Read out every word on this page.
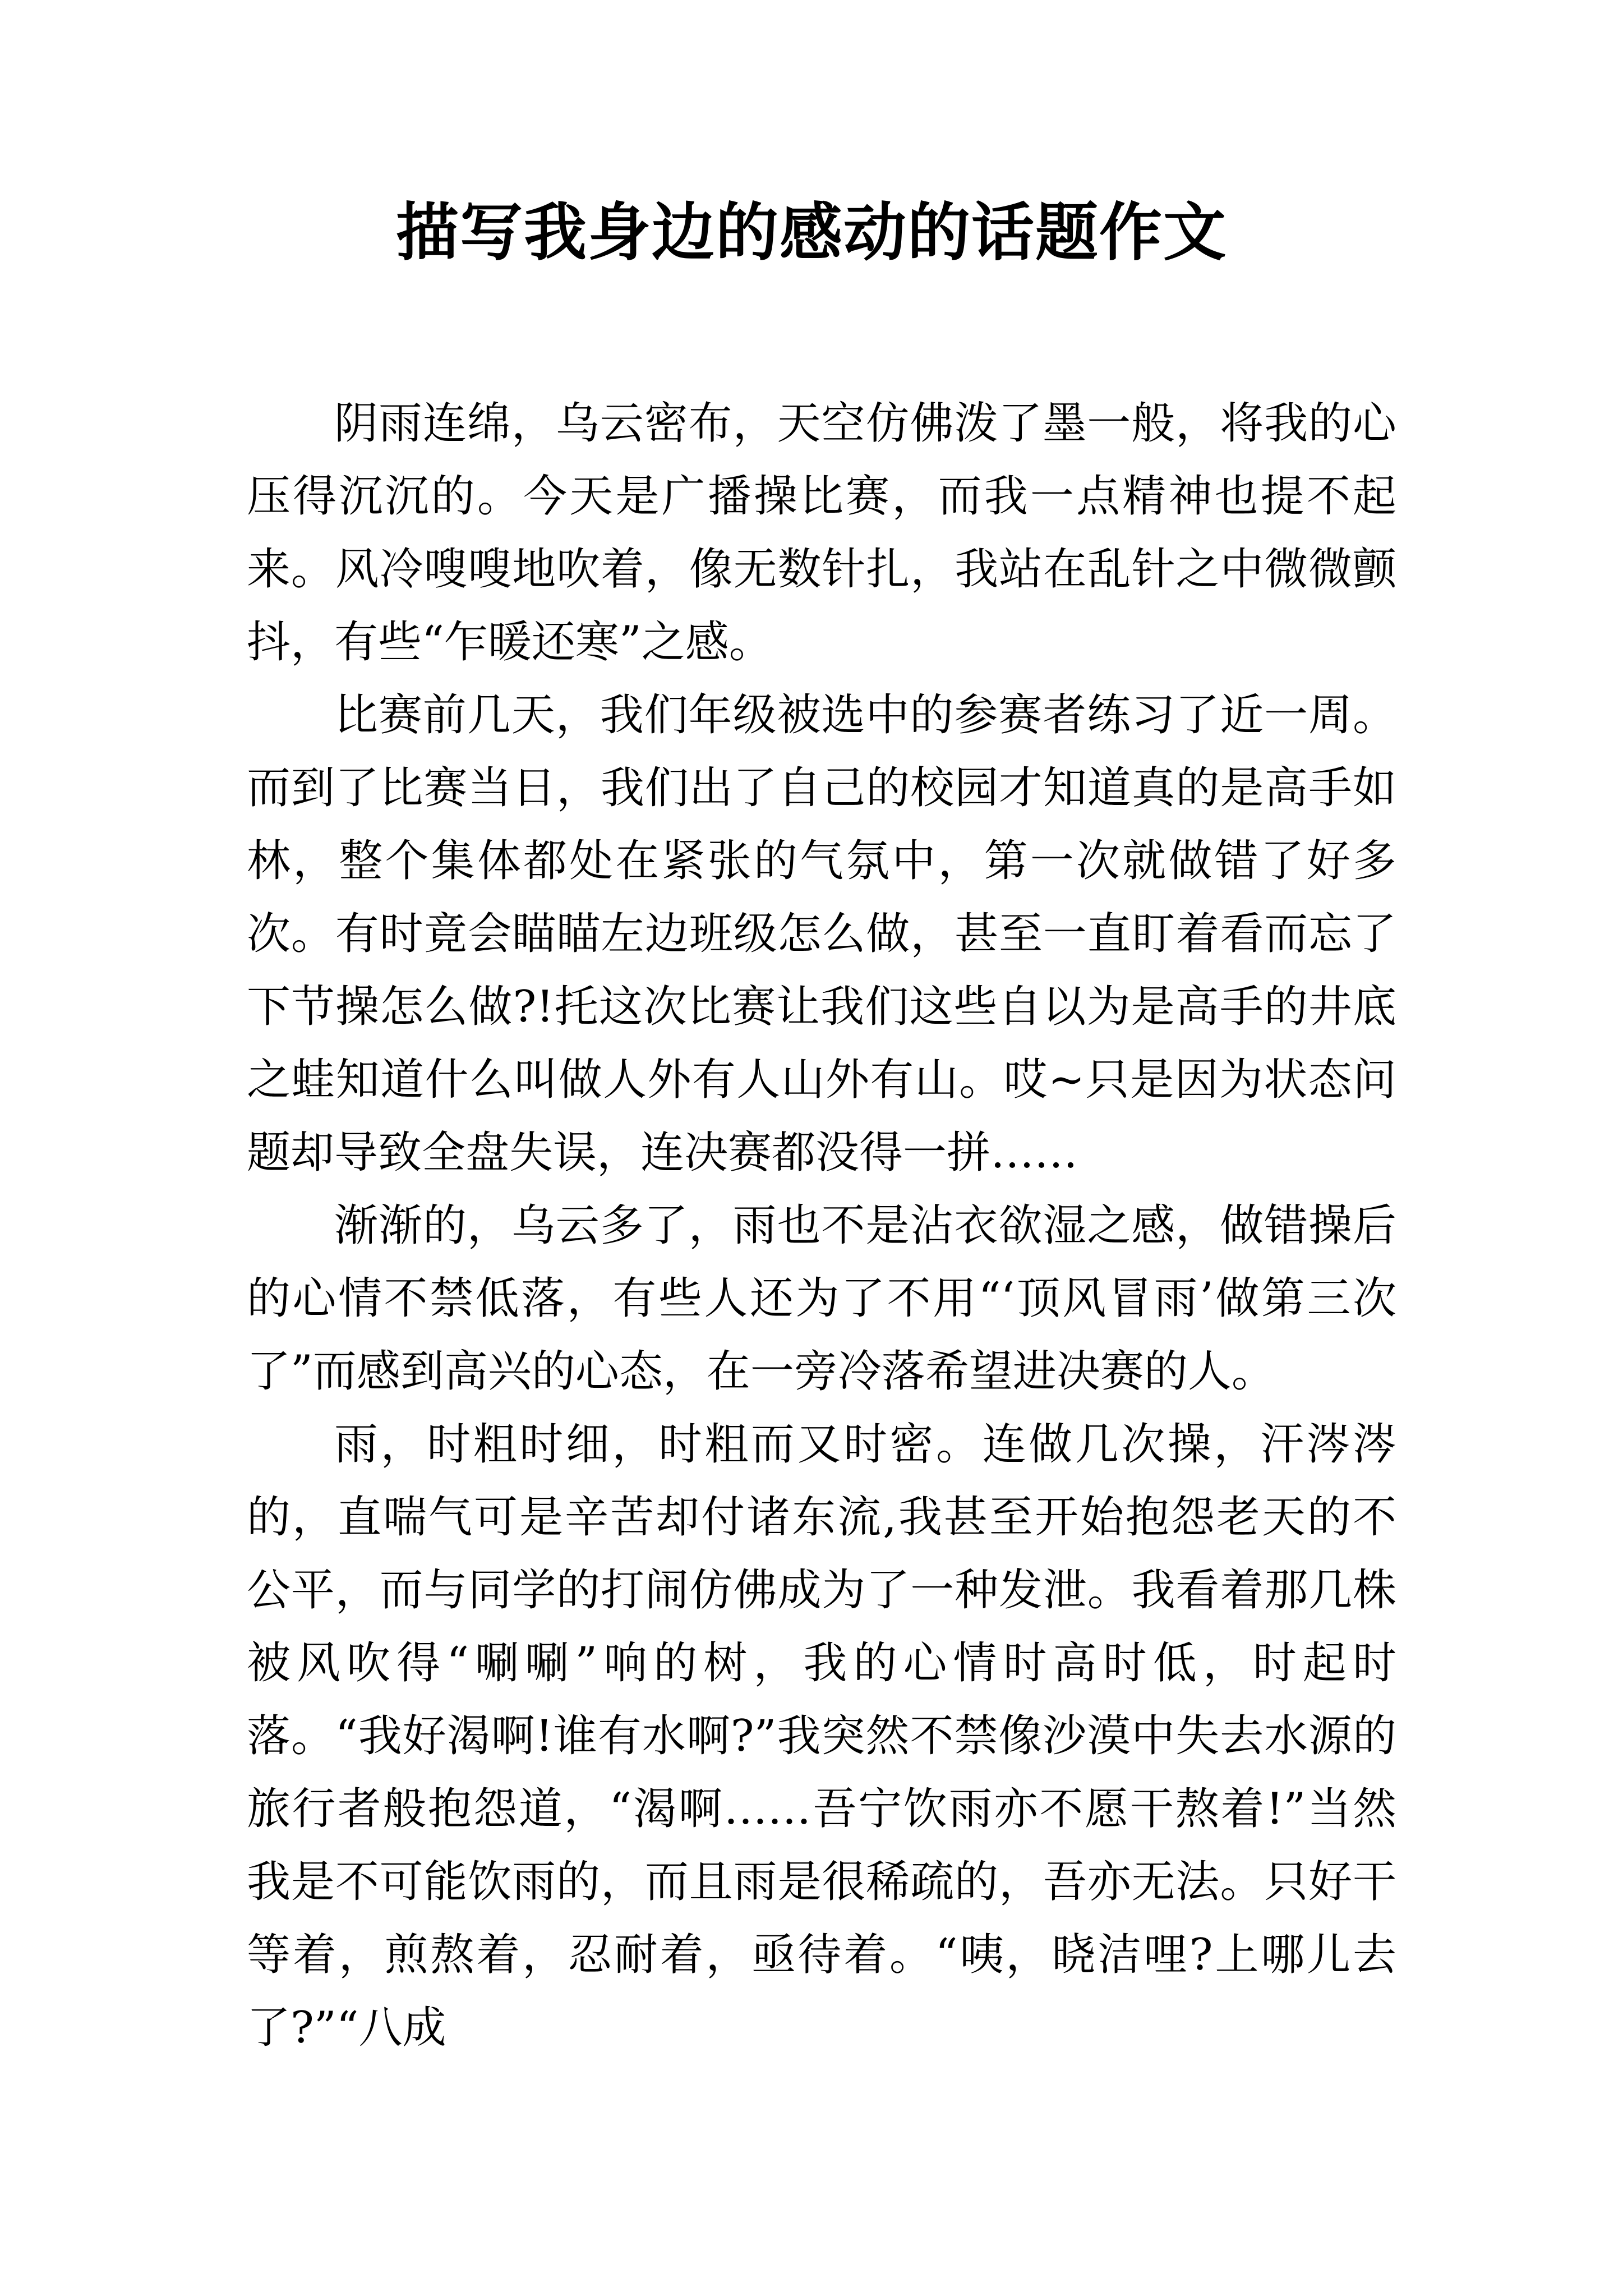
描写我身边的感动的话题作文

阴雨连绵，乌云密布，天空仿佛泼了墨一般，将我的心压得沉沉的。今天是广播操比赛，而我一点精神也提不起来。风冷嗖嗖地吹着，像无数针扎，我站在乱针之中微微颤抖，有些“乍暖还寒”之感。

比赛前几天，我们年级被选中的参赛者练习了近一周。而到了比赛当日，我们出了自己的校园才知道真的是高手如林，整个集体都处在紧张的气氛中，第一次就做错了好多次。有时竟会瞄瞄左边班级怎么做，甚至一直盯着看而忘了下节操怎么做?!托这次比赛让我们这些自以为是高手的井底之蛙知道什么叫做人外有人山外有山。哎~只是因为状态问题却导致全盘失误，连决赛都没得一拼……

渐渐的，乌云多了，雨也不是沾衣欲湿之感，做错操后的心情不禁低落，有些人还为了不用“‘顶风冒雨’做第三次了”而感到高兴的心态，在一旁冷落希望进决赛的人。

雨，时粗时细，时粗而又时密。连做几次操，汗涔涔的，直喘气可是辛苦却付诸东流,我甚至开始抱怨老天的不公平，而与同学的打闹仿佛成为了一种发泄。我看着那几株被风吹得“唰唰”响的树，我的心情时高时低，时起时落。“我好渴啊!谁有水啊?”我突然不禁像沙漠中失去水源的旅行者般抱怨道，“渴啊……吾宁饮雨亦不愿干熬着!”当然我是不可能饮雨的，而且雨是很稀疏的，吾亦无法。只好干等着，煎熬着，忍耐着，亟待着。“咦，晓洁哩?上哪儿去了?”“八成
